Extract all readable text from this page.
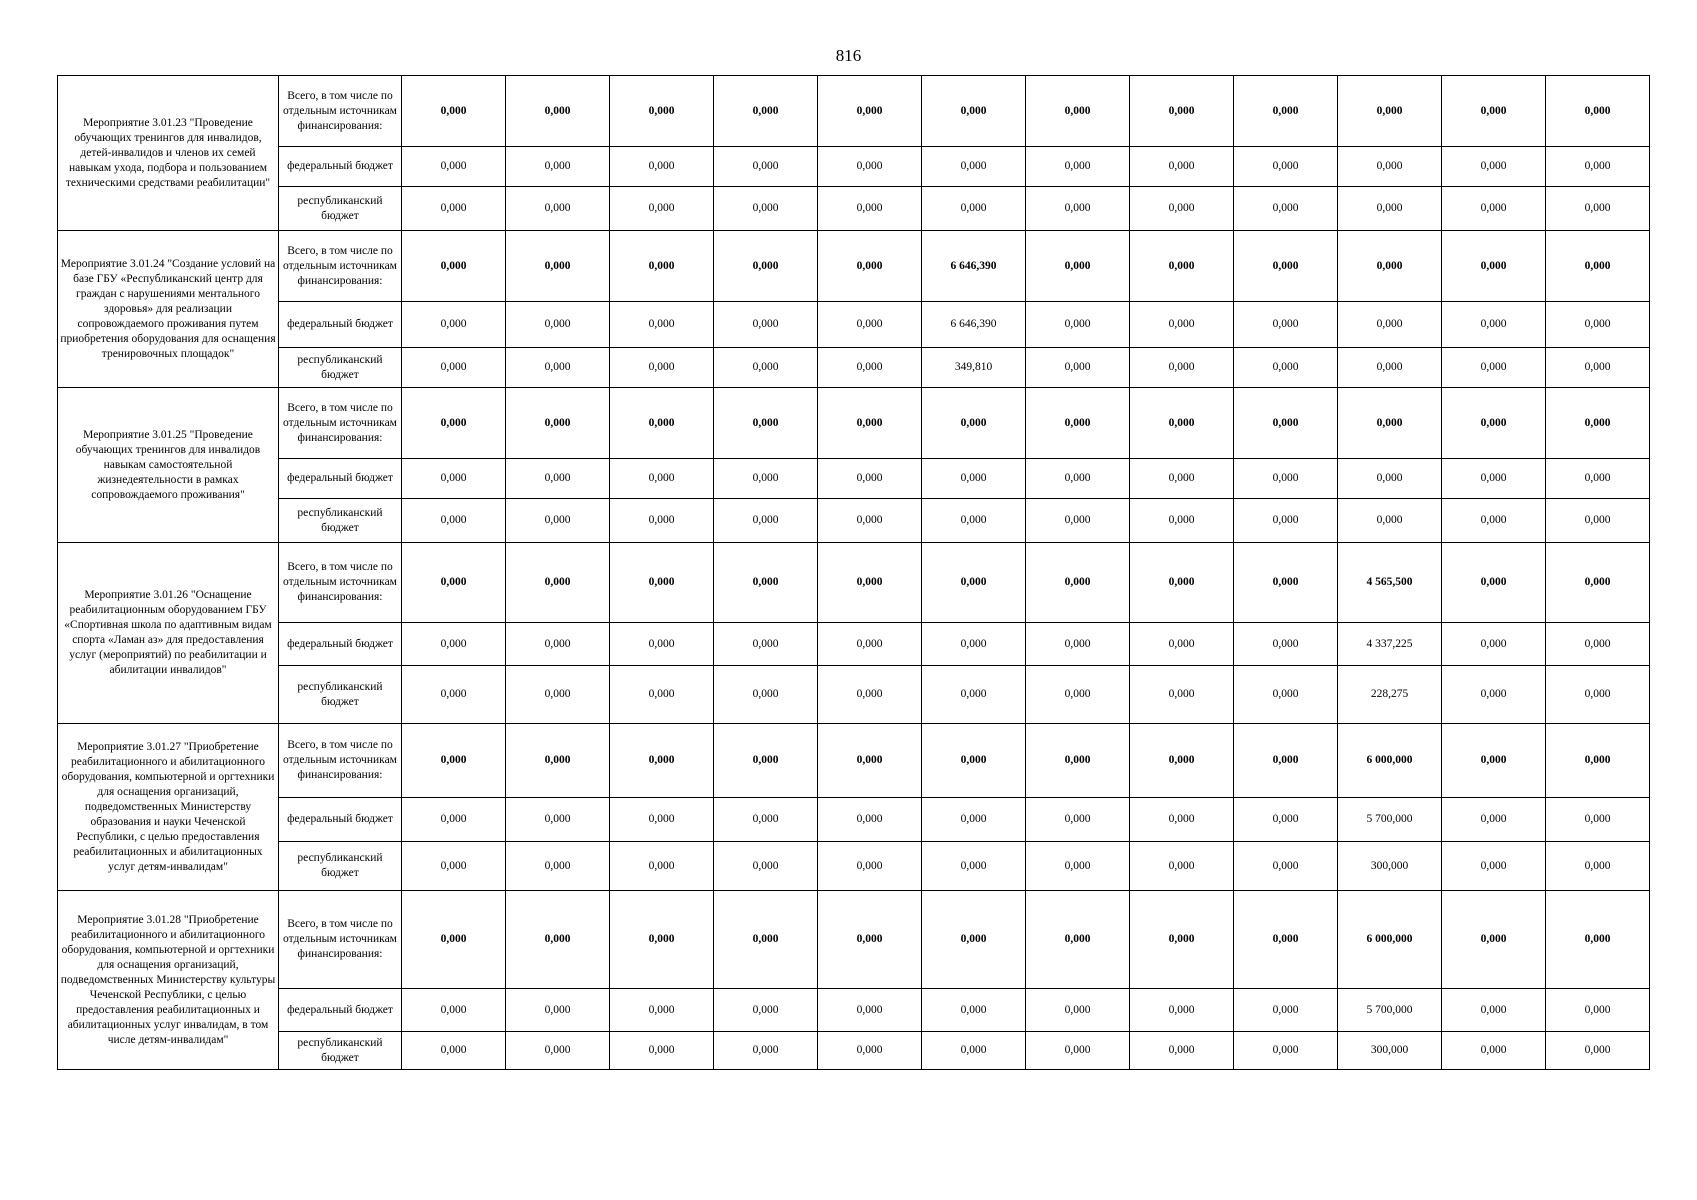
816
Мероприятие 3.01.23 "Проведение обучающих тренингов для инвалидов, детей-инвалидов и членов их семей навыкам ухода, подбора и пользованием техническими средствами реабилитации"	Всего, в том числе по отдельным источникам финансирования:	0,000	0,000	0,000	0,000	0,000	0,000	0,000	0,000	0,000	0,000	0,000	0,000
	федеральный бюджет	0,000	0,000	0,000	0,000	0,000	0,000	0,000	0,000	0,000	0,000	0,000	0,000
	республиканский бюджет	0,000	0,000	0,000	0,000	0,000	0,000	0,000	0,000	0,000	0,000	0,000	0,000
Мероприятие 3.01.24 "Создание условий на базе ГБУ «Республиканский центр для граждан с нарушениями ментального здоровья» для реализации сопровождаемого проживания путем приобретения оборудования для оснащения тренировочных площадок"	Всего, в том числе по отдельным источникам финансирования:	0,000	0,000	0,000	0,000	0,000	6 646,390	0,000	0,000	0,000	0,000	0,000	0,000
	федеральный бюджет	0,000	0,000	0,000	0,000	0,000	6 646,390	0,000	0,000	0,000	0,000	0,000	0,000
	республиканский бюджет	0,000	0,000	0,000	0,000	0,000	349,810	0,000	0,000	0,000	0,000	0,000	0,000
Мероприятие 3.01.25 "Проведение обучающих тренингов для инвалидов навыкам самостоятельной жизнедеятельности в рамках сопровождаемого проживания"	Всего, в том числе по отдельным источникам финансирования:	0,000	0,000	0,000	0,000	0,000	0,000	0,000	0,000	0,000	0,000	0,000	0,000
	федеральный бюджет	0,000	0,000	0,000	0,000	0,000	0,000	0,000	0,000	0,000	0,000	0,000	0,000
	республиканский бюджет	0,000	0,000	0,000	0,000	0,000	0,000	0,000	0,000	0,000	0,000	0,000	0,000
Мероприятие 3.01.26 "Оснащение реабилитационным оборудованием ГБУ «Спортивная школа по адаптивным видам спорта «Ламан аз» для предоставления услуг (мероприятий) по реабилитации и абилитации инвалидов"	Всего, в том числе по отдельным источникам финансирования:	0,000	0,000	0,000	0,000	0,000	0,000	0,000	0,000	0,000	4 565,500	0,000	0,000
	федеральный бюджет	0,000	0,000	0,000	0,000	0,000	0,000	0,000	0,000	0,000	4 337,225	0,000	0,000
	республиканский бюджет	0,000	0,000	0,000	0,000	0,000	0,000	0,000	0,000	0,000	228,275	0,000	0,000
Мероприятие 3.01.27 "Приобретение реабилитационного и абилитационного оборудования, компьютерной и оргтехники для оснащения организаций, подведомственных Министерству образования и науки Чеченской Республики, с целью предоставления реабилитационных и абилитационных услуг детям-инвалидам"	Всего, в том числе по отдельным источникам финансирования:	0,000	0,000	0,000	0,000	0,000	0,000	0,000	0,000	0,000	6 000,000	0,000	0,000
	федеральный бюджет	0,000	0,000	0,000	0,000	0,000	0,000	0,000	0,000	0,000	5 700,000	0,000	0,000
	республиканский бюджет	0,000	0,000	0,000	0,000	0,000	0,000	0,000	0,000	0,000	300,000	0,000	0,000
Мероприятие 3.01.28 "Приобретение реабилитационного и абилитационного оборудования, компьютерной и оргтехники для оснащения организаций, подведомственных Министерству культуры Чеченской Республики, с целью предоставления реабилитационных и абилитационных услуг инвалидам, в том числе детям-инвалидам"	Всего, в том числе по отдельным источникам финансирования:	0,000	0,000	0,000	0,000	0,000	0,000	0,000	0,000	0,000	6 000,000	0,000	0,000
	федеральный бюджет	0,000	0,000	0,000	0,000	0,000	0,000	0,000	0,000	0,000	5 700,000	0,000	0,000
	республиканский бюджет	0,000	0,000	0,000	0,000	0,000	0,000	0,000	0,000	0,000	300,000	0,000	0,000
